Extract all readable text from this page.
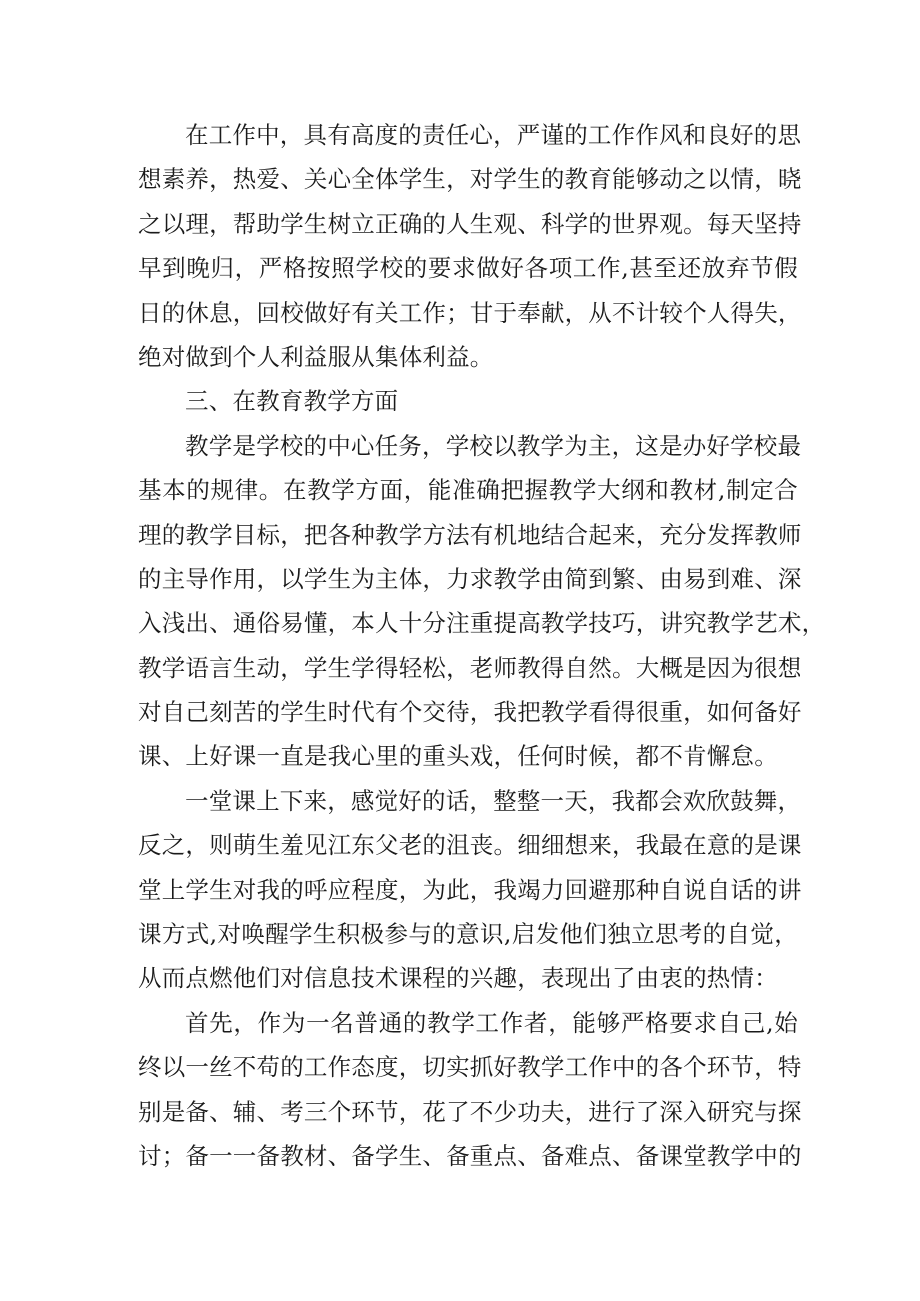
在工作中，具有高度的责任心，严谨的工作作风和良好的思
想素养，热爱、关心全体学生，对学生的教育能够动之以情，晓
之以理，帮助学生树立正确的人生观、科学的世界观。每天坚持
早到晚归，严格按照学校的要求做好各项工作,甚至还放弃节假
日的休息，回校做好有关工作；甘于奉献，从不计较个人得失，
绝对做到个人利益服从集体利益。
三、在教育教学方面
教学是学校的中心任务，学校以教学为主，这是办好学校最
基本的规律。在教学方面，能准确把握教学大纲和教材,制定合
理的教学目标，把各种教学方法有机地结合起来，充分发挥教师
的主导作用，以学生为主体，力求教学由简到繁、由易到难、深
入浅出、通俗易懂，本人十分注重提高教学技巧，讲究教学艺术，
教学语言生动，学生学得轻松，老师教得自然。大概是因为很想
对自己刻苦的学生时代有个交待，我把教学看得很重，如何备好
课、上好课一直是我心里的重头戏，任何时候，都不肯懈怠。
一堂课上下来，感觉好的话，整整一天，我都会欢欣鼓舞，
反之，则萌生羞见江东父老的沮丧。细细想来，我最在意的是课
堂上学生对我的呼应程度，为此，我竭力回避那种自说自话的讲
课方式,对唤醒学生积极参与的意识,启发他们独立思考的自觉，
从而点燃他们对信息技术课程的兴趣，表现出了由衷的热情：
首先，作为一名普通的教学工作者，能够严格要求自己,始
终以一丝不苟的工作态度，切实抓好教学工作中的各个环节，特
别是备、辅、考三个环节，花了不少功夫，进行了深入研究与探
讨；备一一备教材、备学生、备重点、备难点、备课堂教学中的
